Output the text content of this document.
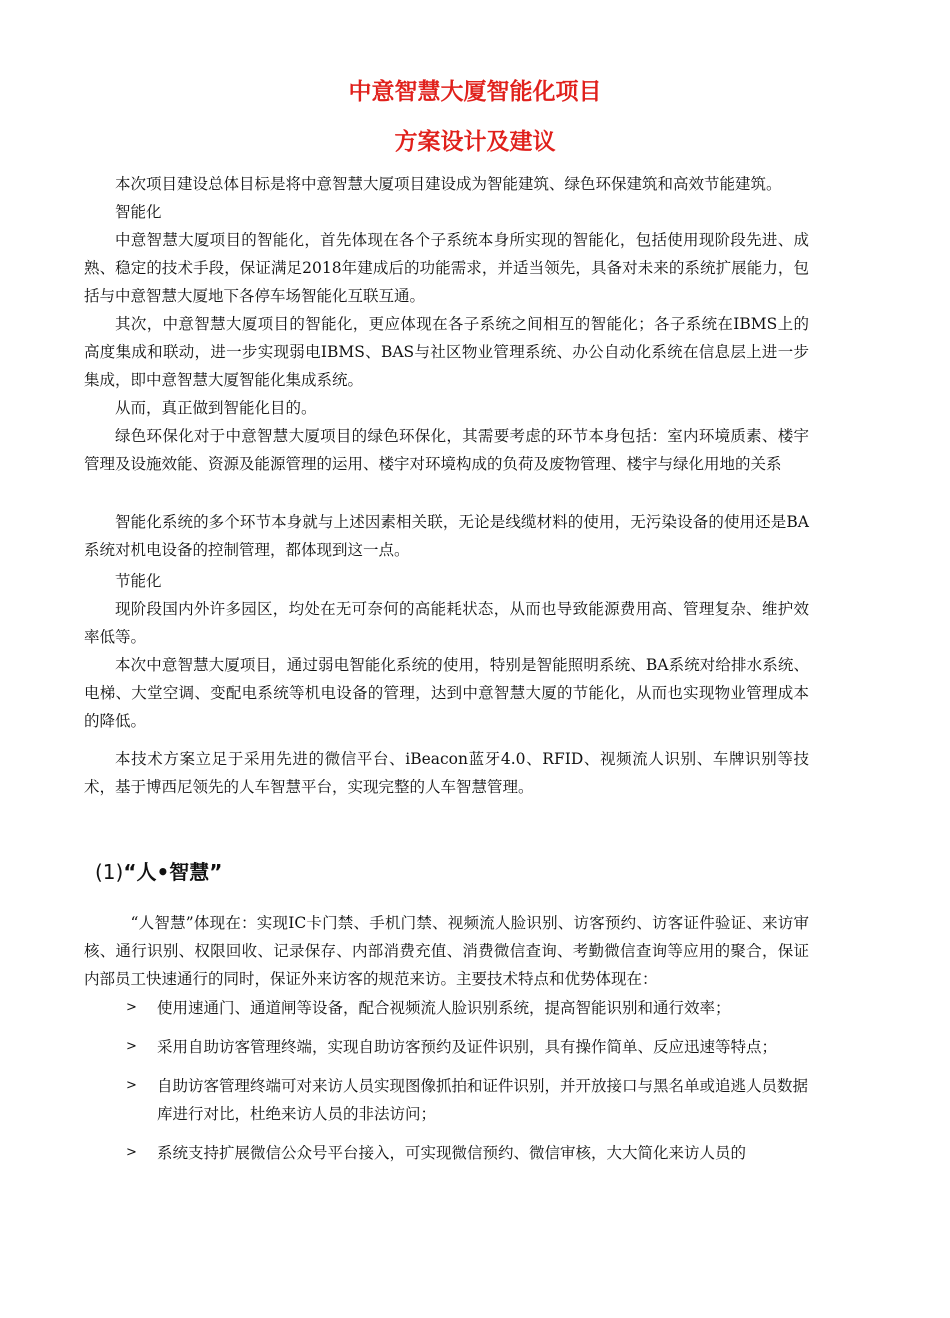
中意智慧大厦智能化项目
方案设计及建议

本次项目建设总体目标是将中意智慧大厦项目建设成为智能建筑、绿色环保建筑和高效节能建筑。

智能化

中意智慧大厦项目的智能化，首先体现在各个子系统本身所实现的智能化，包括使用现阶段先进、成熟、稳定的技术手段，保证满足2018年建成后的功能需求，并适当领先，具备对未来的系统扩展能力，包括与中意智慧大厦地下各停车场智能化互联互通。

其次，中意智慧大厦项目的智能化，更应体现在各子系统之间相互的智能化；各子系统在IBMS上的高度集成和联动，进一步实现弱电IBMS、BAS与社区物业管理系统、办公自动化系统在信息层上进一步集成，即中意智慧大厦智能化集成系统。

从而，真正做到智能化目的。

绿色环保化对于中意智慧大厦项目的绿色环保化，其需要考虑的环节本身包括：室内环境质素、楼宇管理及设施效能、资源及能源管理的运用、楼宇对环境构成的负荷及废物管理、楼宇与绿化用地的关系

智能化系统的多个环节本身就与上述因素相关联，无论是线缆材料的使用，无污染设备的使用还是BA系统对机电设备的控制管理，都体现到这一点。

节能化

现阶段国内外许多园区，均处在无可奈何的高能耗状态，从而也导致能源费用高、管理复杂、维护效率低等。

本次中意智慧大厦项目，通过弱电智能化系统的使用，特别是智能照明系统、BA系统对给排水系统、电梯、大堂空调、变配电系统等机电设备的管理，达到中意智慧大厦的节能化，从而也实现物业管理成本的降低。

本技术方案立足于采用先进的微信平台、iBeacon蓝牙4.0、RFID、视频流人识别、车牌识别等技术，基于博西尼领先的人车智慧平台，实现完整的人车智慧管理。

(1)“人•智慧”

“人智慧”体现在：实现IC卡门禁、手机门禁、视频流人脸识别、访客预约、访客证件验证、来访审核、通行识别、权限回收、记录保存、内部消费充值、消费微信查询、考勤微信查询等应用的聚合，保证内部员工快速通行的同时，保证外来访客的规范来访。主要技术特点和优势体现在：

>	使用速通门、通道闸等设备，配合视频流人脸识别系统，提高智能识别和通行效率；
>	采用自助访客管理终端，实现自助访客预约及证件识别，具有操作简单、反应迅速等特点；
>	自助访客管理终端可对来访人员实现图像抓拍和证件识别，并开放接口与黑名单或追逃人员数据库进行对比，杜绝来访人员的非法访问；
>	系统支持扩展微信公众号平台接入，可实现微信预约、微信审核，大大简化来访人员的
